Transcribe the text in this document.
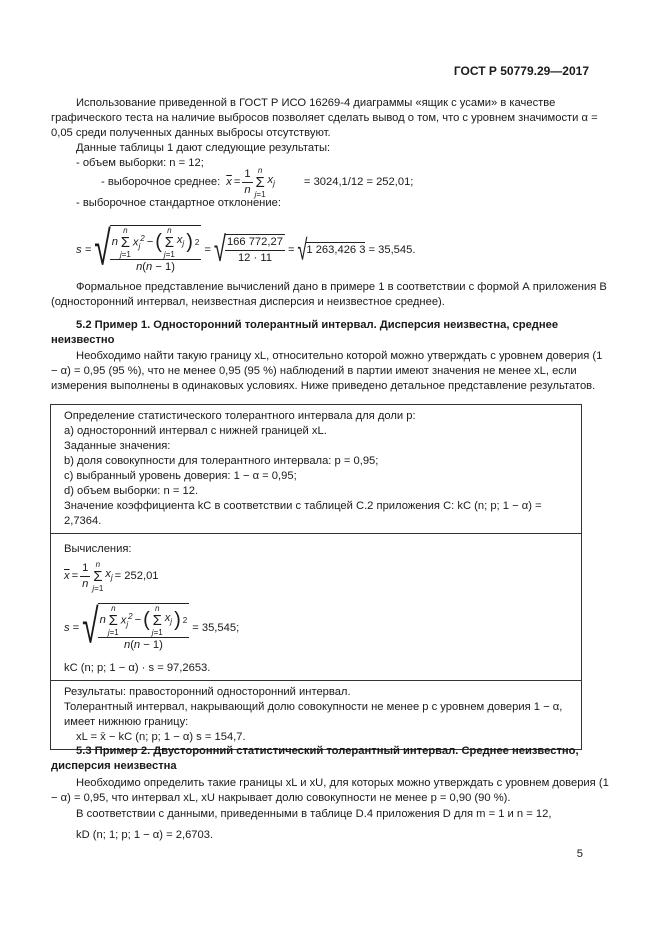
ГОСТ Р 50779.29—2017
Использование приведенной в ГОСТ Р ИСО 16269-4 диаграммы «ящик с усами» в качестве графического теста на наличие выбросов позволяет сделать вывод о том, что с уровнем значимости α = 0,05 среди полученных данных выбросы отсутствуют.
Данные таблицы 1 дают следующие результаты:
- объем выборки: n = 12;
- выборочное среднее: $\overline{x} = \frac{1}{n}$ n
Σ
j=1
$x_j$	= 3024,1/12 = 252,01;
- выборочное стандартное отклонение:
s = √ n
n
Σ
j=1
$x_j^2$ − (
n
Σ
j=1
$x_j$ ) 2
n(n − 1)
= √ $\frac{166 772,27}{12 \cdot 11}$ = √ 1 263,426 3 = 35,545.
Формальное представление вычислений дано в примере 1 в соответствии с формой А приложения В (односторонний интервал, неизвестная дисперсия и неизвестное среднее).
5.2 Пример 1. Односторонний толерантный интервал. Дисперсия неизвестна, среднее неизвестно
Необходимо найти такую границу xL, относительно которой можно утверждать с уровнем доверия (1 − α) = 0,95 (95 %), что не менее 0,95 (95 %) наблюдений в партии имеют значения не менее xL, если измерения выполнены в одинаковых условиях. Ниже приведено детальное представление результатов.
Определение статистического толерантного интервала для доли p:
а) односторонний интервал с нижней границей xL.
Заданные значения:
b) доля совокупности для толерантного интервала: p = 0,95;
c) выбранный уровень доверия: 1 − α = 0,95;
d) объем выборки: n = 12.
Значение коэффициента kC в соответствии с таблицей С.2 приложения С: kC (n; p; 1 − α) = 2,7364.
Вычисления:
$\overline{x} = \frac{1}{n}$ n
Σ
j=1
$x_j = 252,01$
s = √ n
n
Σ
j=1
$x_j^2$ − (
n
Σ
j=1
$x_j$ ) 2
n(n − 1)
= 35,545;
kC (n; p; 1 − α) · s = 97,2653.
Результаты: правосторонний односторонний интервал.
Толерантный интервал, накрывающий долю совокупности не менее p с уровнем доверия 1 − α, имеет нижнюю границу:
xL = x̄ − kC (n; p; 1 − α) s = 154,7.
5.3 Пример 2. Двусторонний статистический толерантный интервал. Среднее неизвестно, дисперсия неизвестна
Необходимо определить такие границы xL и xU, для которых можно утверждать с уровнем доверия (1 − α) = 0,95, что интервал xL, xU накрывает долю совокупности не менее p = 0,90 (90 %).
В соответствии с данными, приведенными в таблице D.4 приложения D для m = 1 и n = 12,
kD (n; 1; p; 1 − α) = 2,6703.
5
